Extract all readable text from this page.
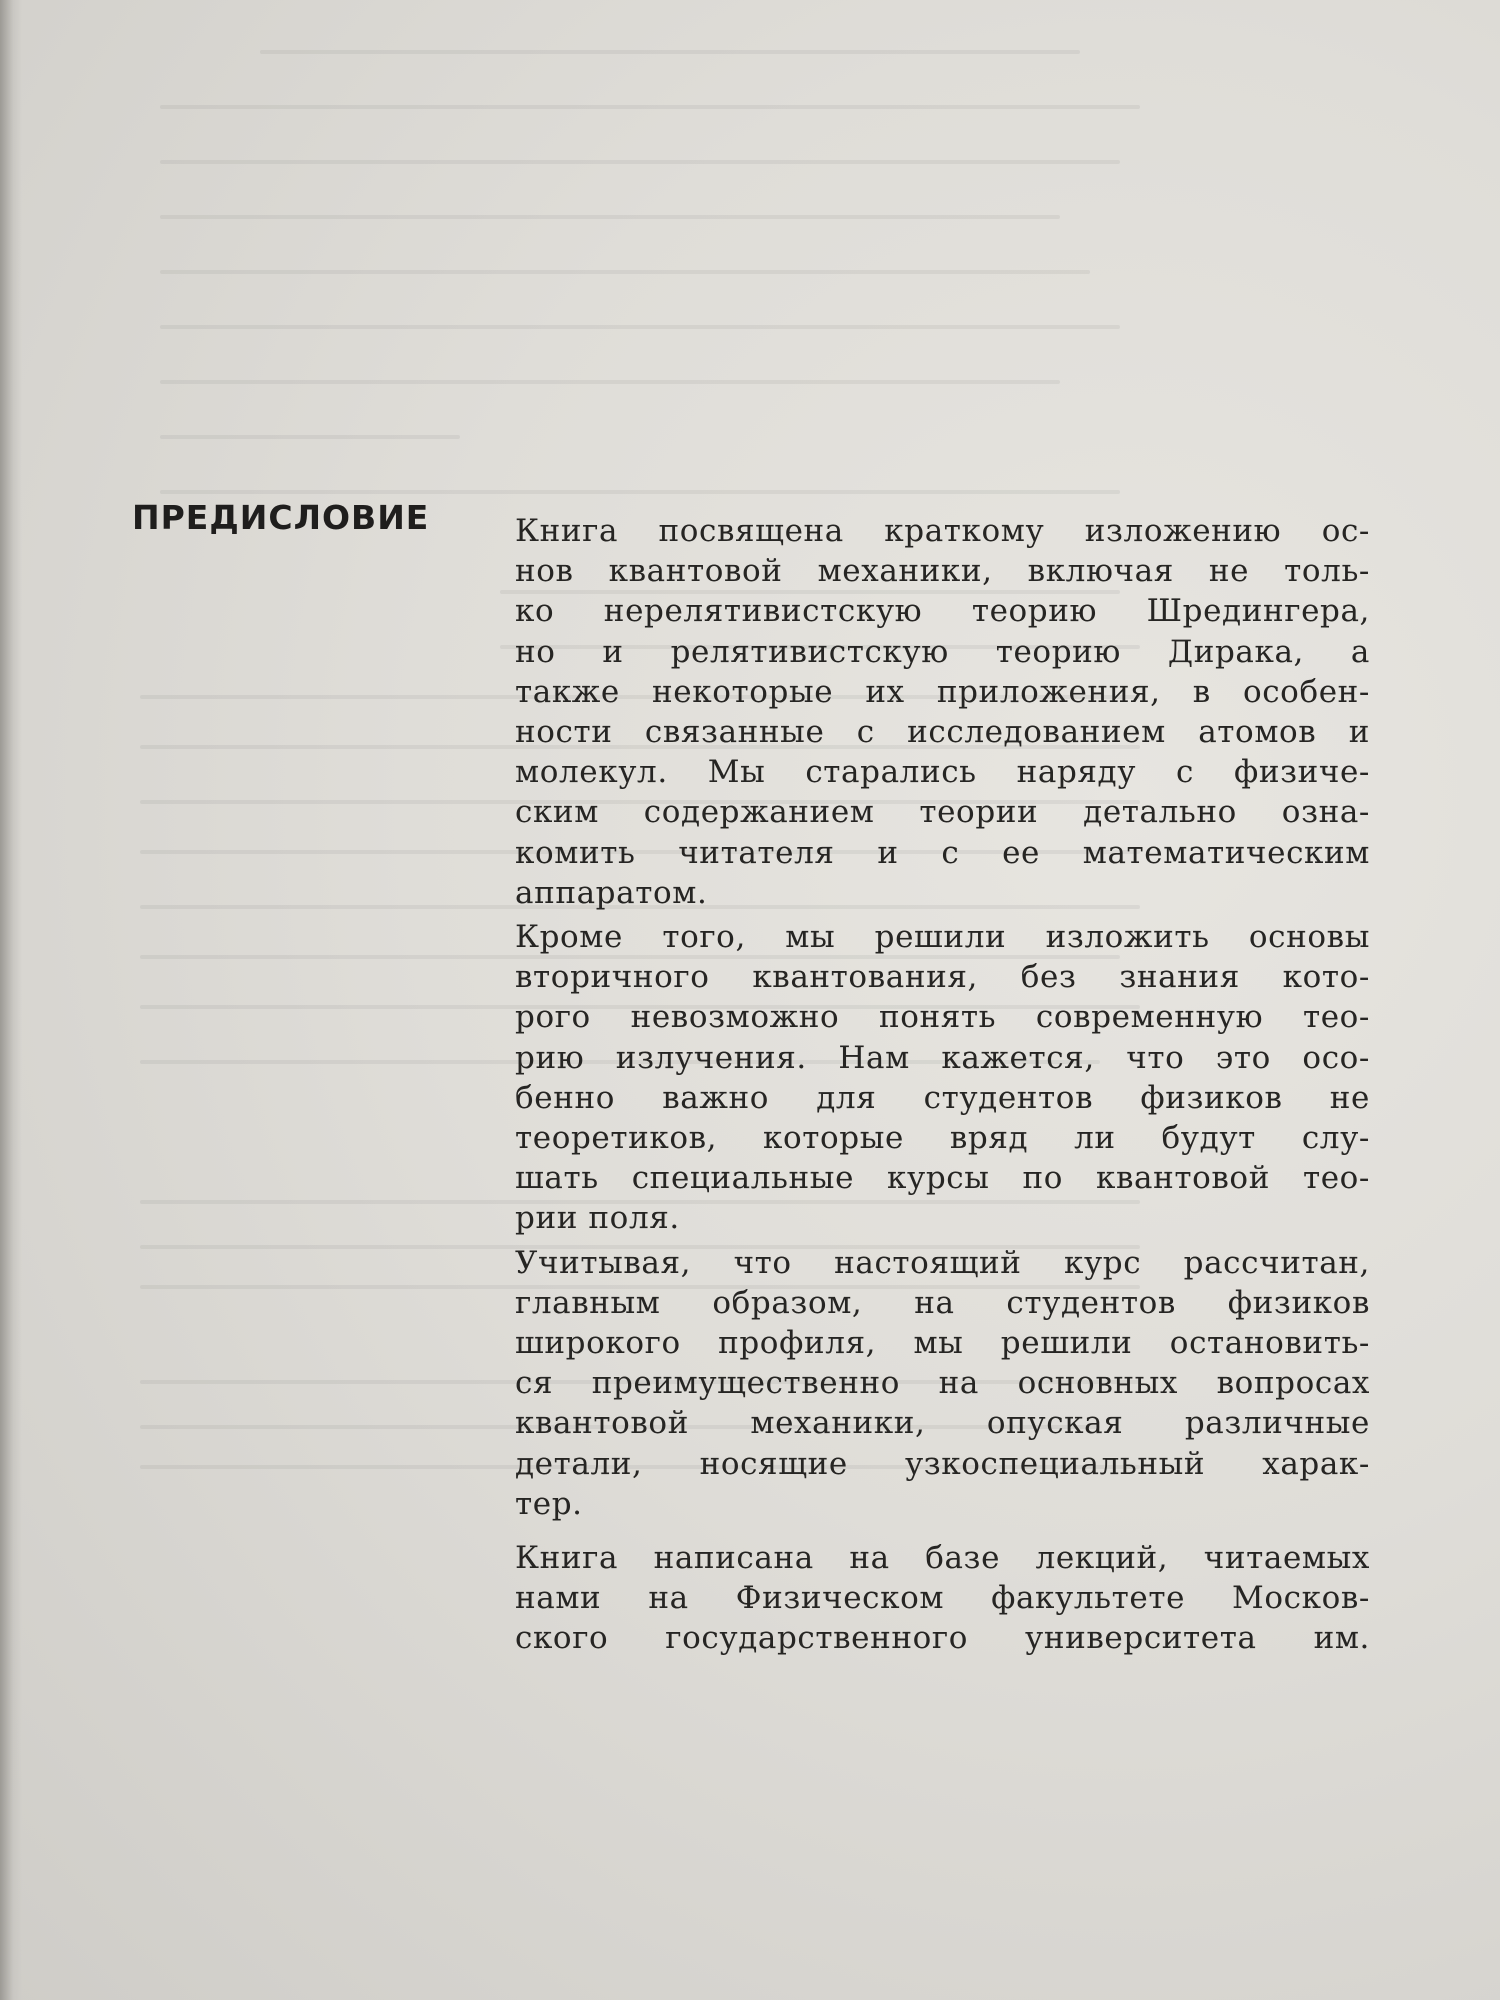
ПРЕДИСЛОВИЕ	Книга посвящена краткому изложению ос-
нов квантовой механики, включая не толь-
ко нерелятивистскую теорию Шредингера,
но и релятивистскую теорию Дирака, а
также некоторые их приложения, в особен-
ности связанные с исследованием атомов и
молекул. Мы старались наряду с физиче-
ским содержанием теории детально озна-
комить читателя и с ее математическим
аппаратом.

Кроме того, мы решили изложить основы
вторичного квантования, без знания кото-
рого невозможно понять современную тео-
рию излучения. Нам кажется, что это осо-
бенно важно для студентов физиков не
теоретиков, которые вряд ли будут слу-
шать специальные курсы по квантовой тео-
рии поля.

Учитывая, что настоящий курс рассчитан,
главным образом, на студентов физиков
широкого профиля, мы решили остановить-
ся преимущественно на основных вопросах
квантовой механики, опуская различные
детали, носящие узкоспециальный харак-
тер.

Книга написана на базе лекций, читаемых
нами на Физическом факультете Москов-
ского государственного университета им.
